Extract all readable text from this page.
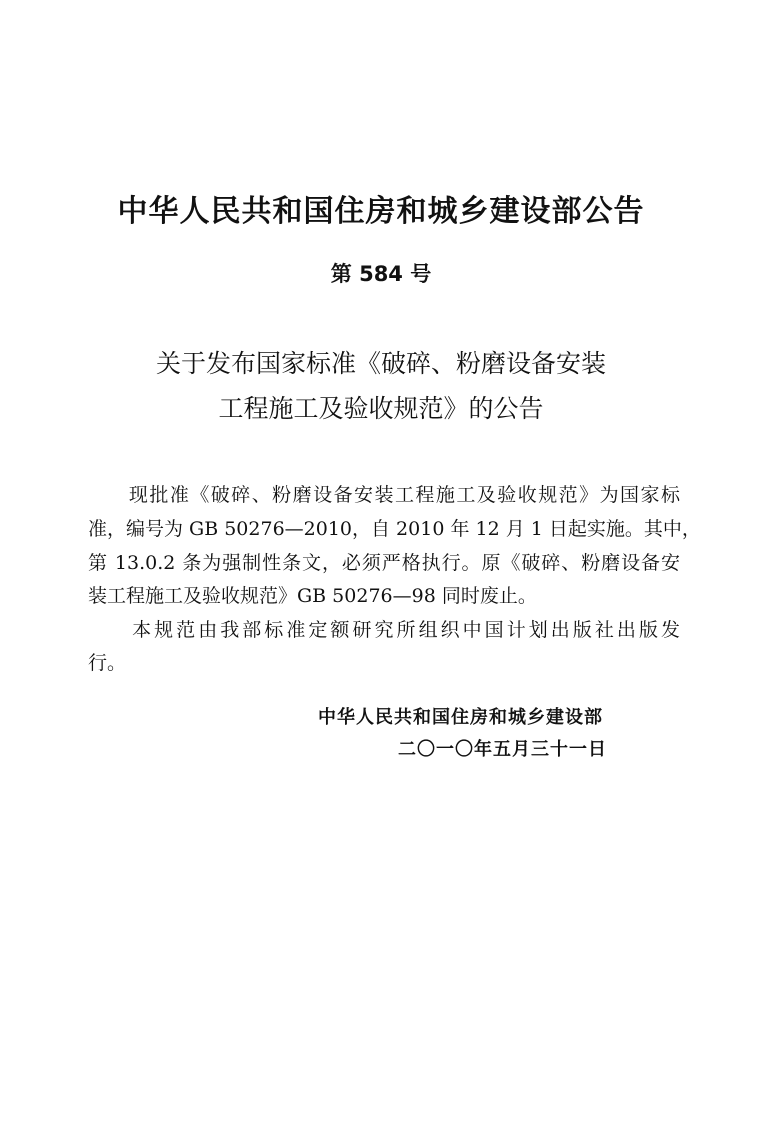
中华人民共和国住房和城乡建设部公告
第 584 号
关于发布国家标准《破碎、粉磨设备安装
工程施工及验收规范》的公告
　　现批准《破碎、粉磨设备安装工程施工及验收规范》为国家标
准，编号为 GB 50276—2010，自 2010 年 12 月 1 日起实施。其中，
第 13.0.2 条为强制性条文，必须严格执行。原《破碎、粉磨设备安
装工程施工及验收规范》GB 50276—98 同时废止。
　　本规范由我部标准定额研究所组织中国计划出版社出版发
行。
中华人民共和国住房和城乡建设部
二〇一〇年五月三十一日
